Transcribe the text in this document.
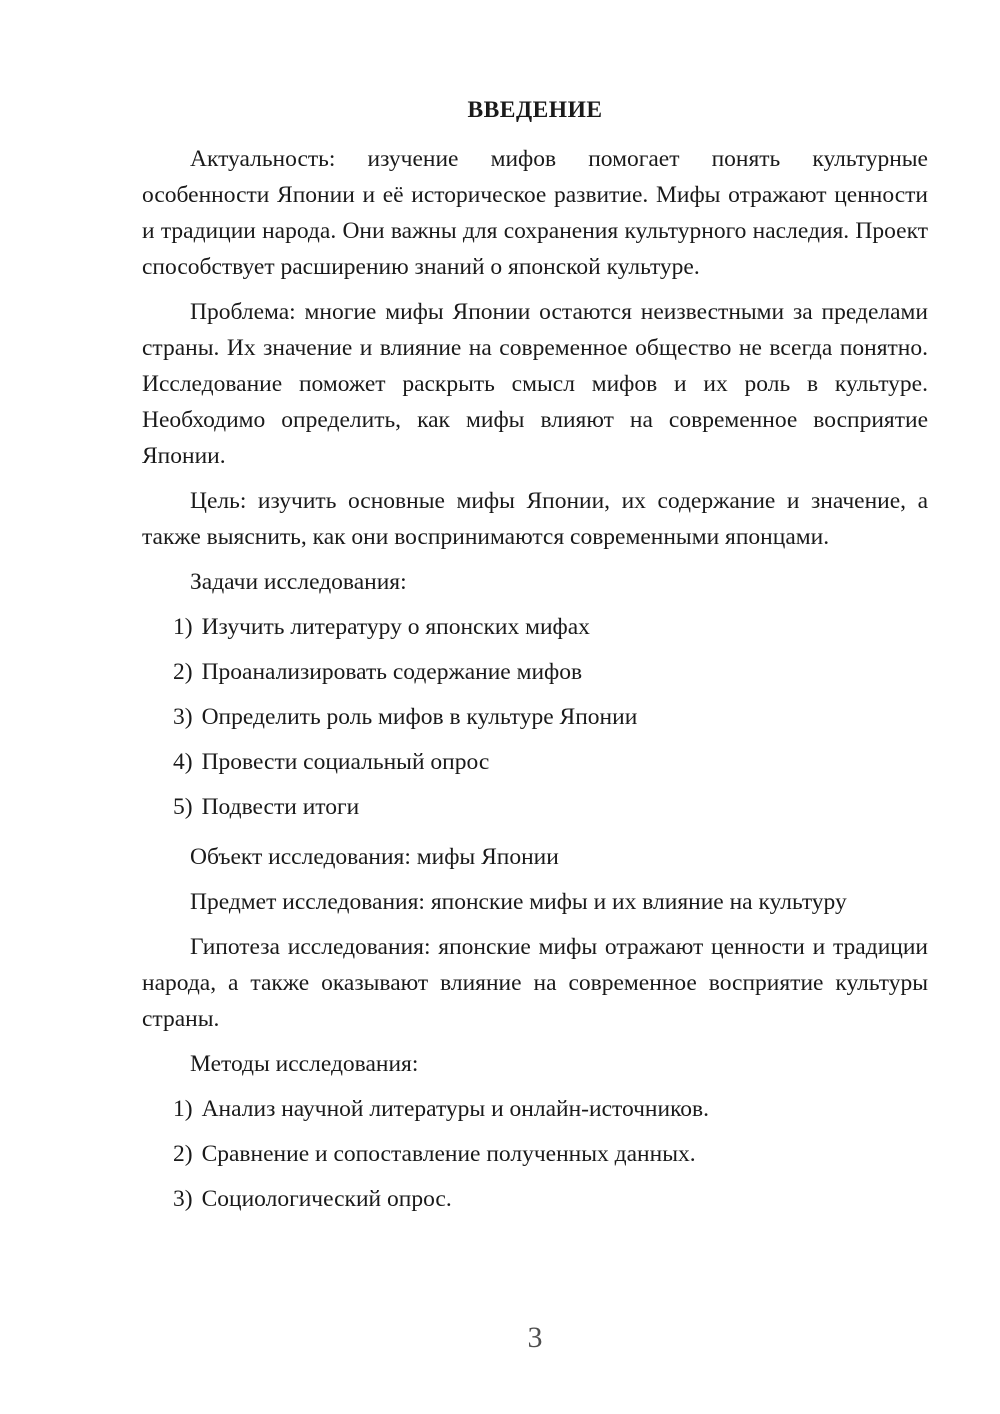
ВВЕДЕНИЕ

Актуальность: изучение мифов помогает понять культурные особенности Японии и её историческое развитие. Мифы отражают ценности и традиции народа. Они важны для сохранения культурного наследия. Проект способствует расширению знаний о японской культуре.

Проблема: многие мифы Японии остаются неизвестными за пределами страны. Их значение и влияние на современное общество не всегда понятно. Исследование поможет раскрыть смысл мифов и их роль в культуре. Необходимо определить, как мифы влияют на современное восприятие Японии.

Цель: изучить основные мифы Японии, их содержание и значение, а также выяснить, как они воспринимаются современными японцами.

Задачи исследования:

1) Изучить литературу о японских мифах

2) Проанализировать содержание мифов

3) Определить роль мифов в культуре Японии

4) Провести социальный опрос

5) Подвести итоги

Объект исследования: мифы Японии

Предмет исследования: японские мифы и их влияние на культуру

Гипотеза исследования: японские мифы отражают ценности и традиции народа, а также оказывают влияние на современное восприятие культуры страны.

Методы исследования:

1) Анализ научной литературы и онлайн-источников.

2) Сравнение и сопоставление полученных данных.

3) Социологический опрос.

3
